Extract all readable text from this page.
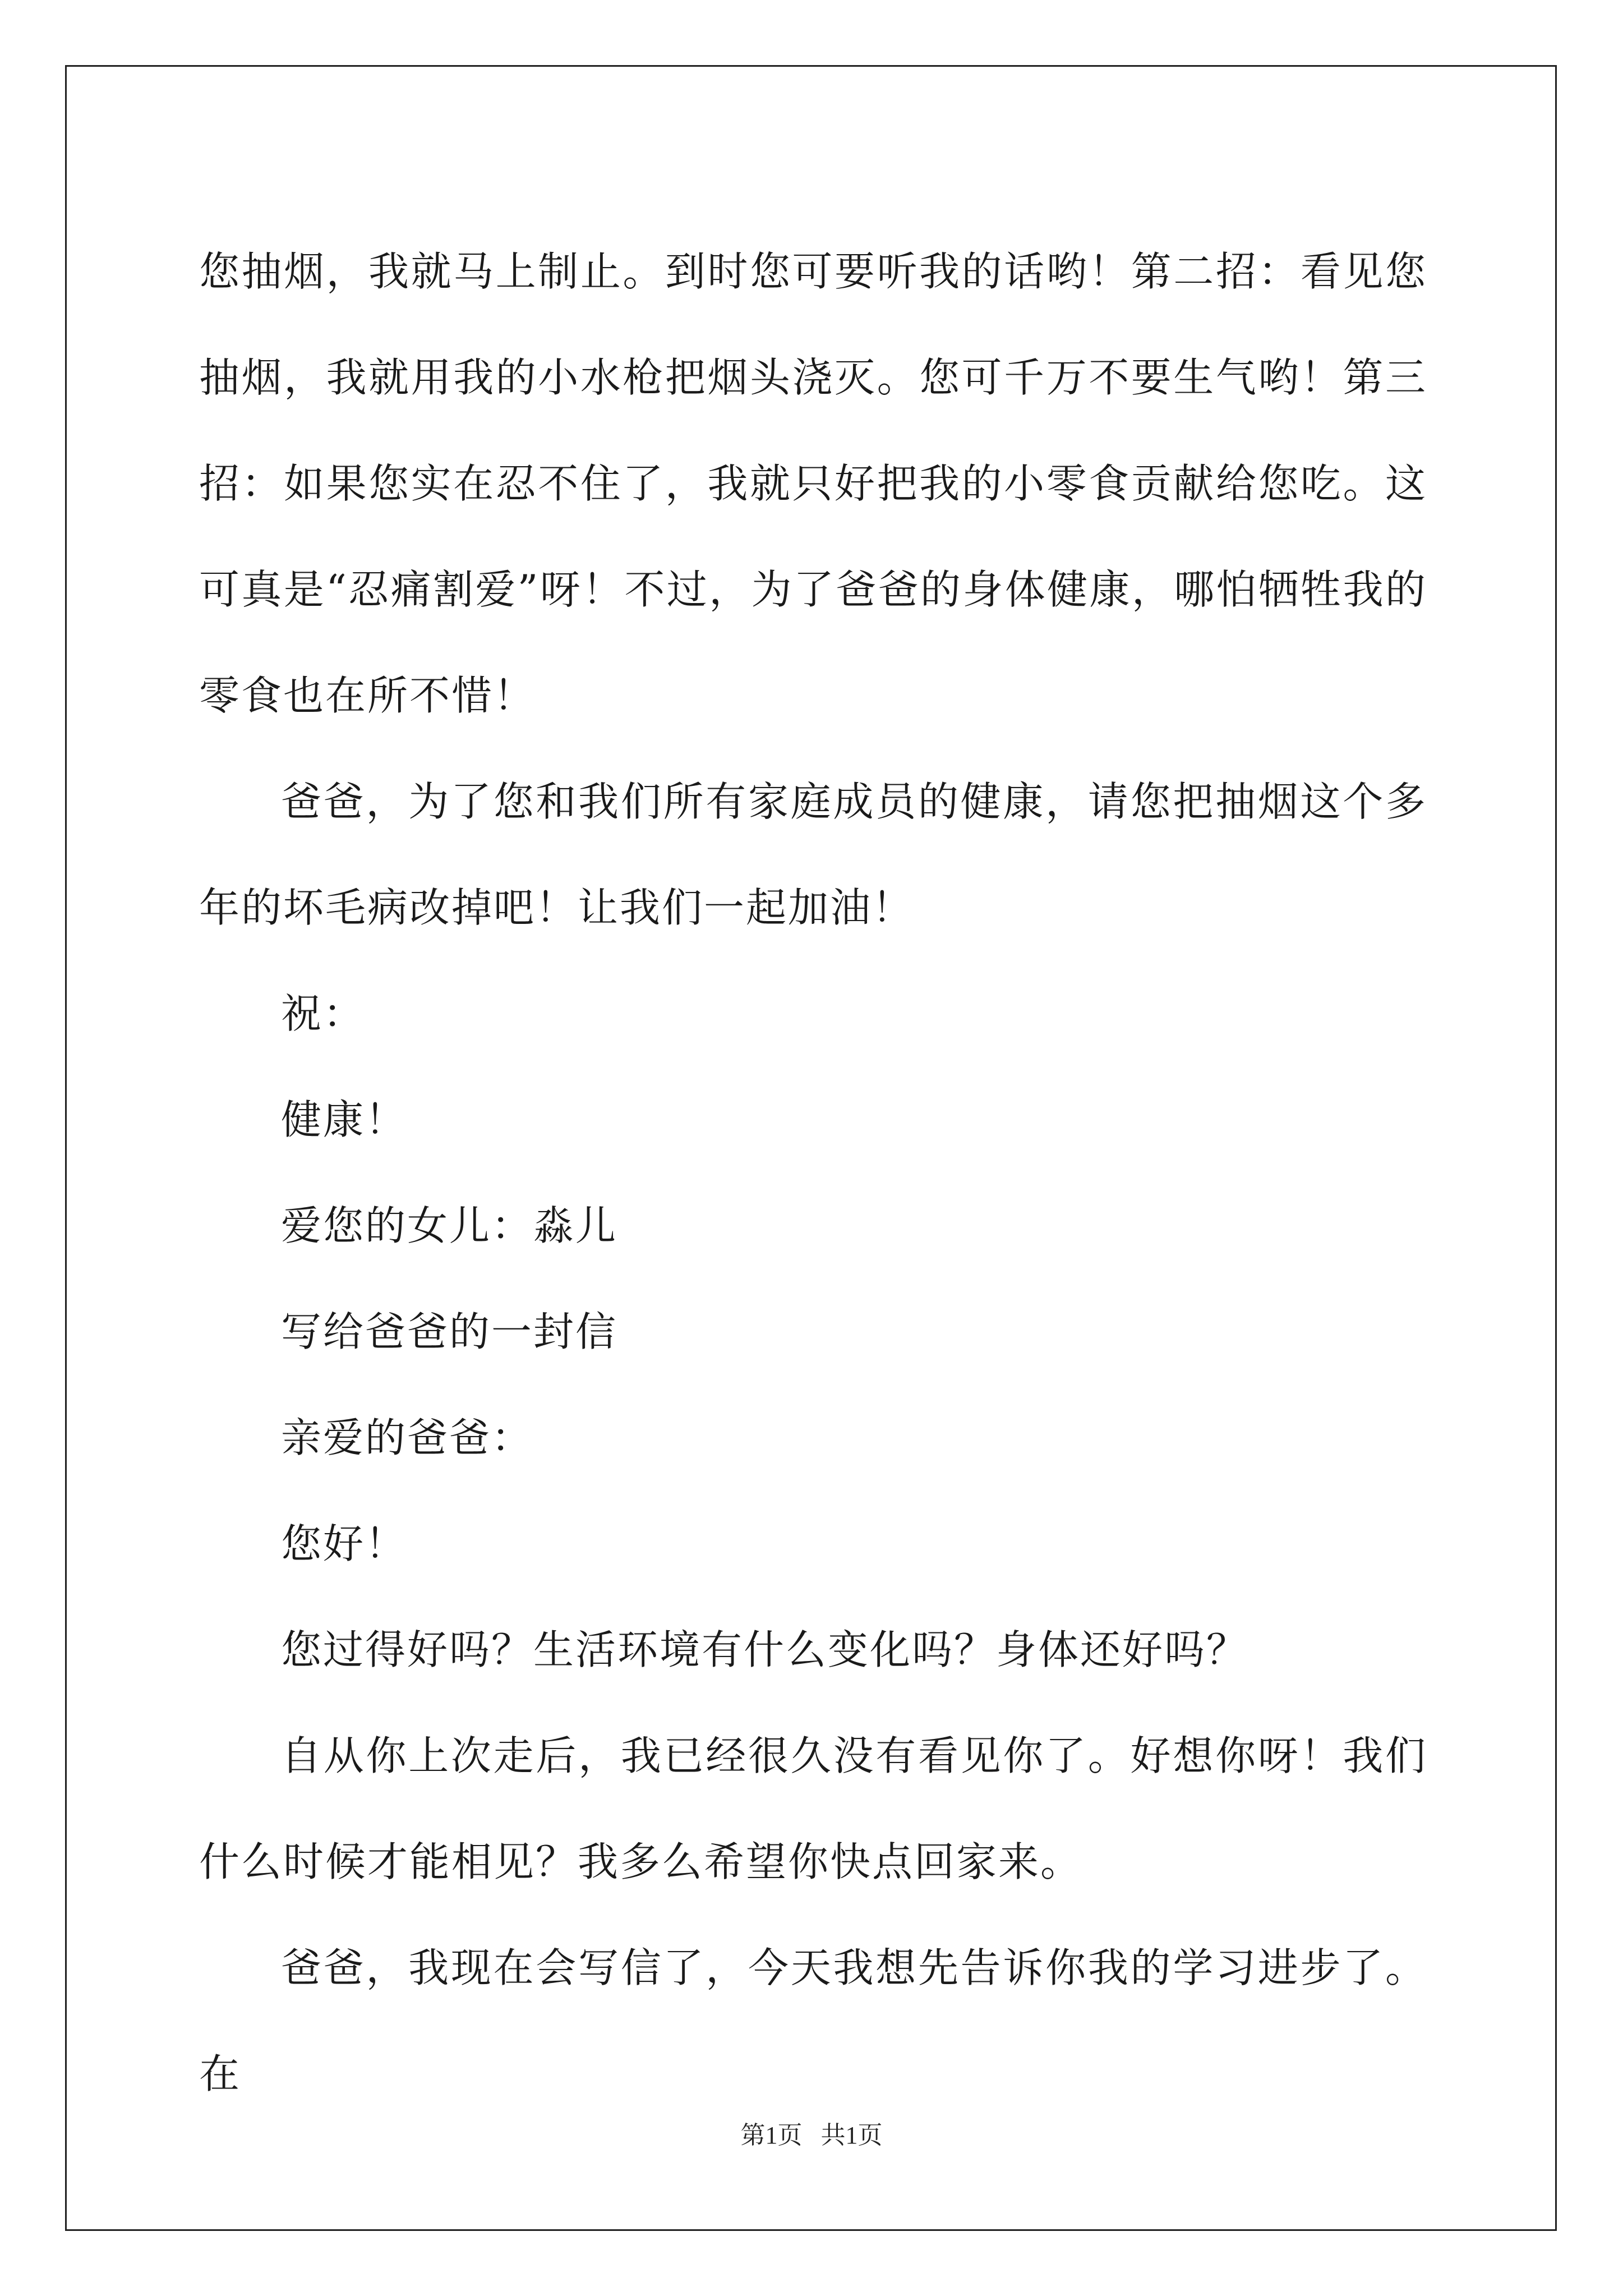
您抽烟，我就马上制止。到时您可要听我的话哟！第二招：看见您抽烟，我就用我的小水枪把烟头浇灭。您可千万不要生气哟！第三招：如果您实在忍不住了，我就只好把我的小零食贡献给您吃。这可真是“忍痛割爱”呀！不过，为了爸爸的身体健康，哪怕牺牲我的零食也在所不惜！

爸爸，为了您和我们所有家庭成员的健康，请您把抽烟这个多年的坏毛病改掉吧！让我们一起加油！

祝：

健康！

爱您的女儿：淼儿

写给爸爸的一封信

亲爱的爸爸：

您好！

您过得好吗？生活环境有什么变化吗？身体还好吗？

自从你上次走后，我已经很久没有看见你了。好想你呀！我们什么时候才能相见？我多么希望你快点回家来。

爸爸，我现在会写信了，今天我想先告诉你我的学习进步了。在

第1页   共1页
